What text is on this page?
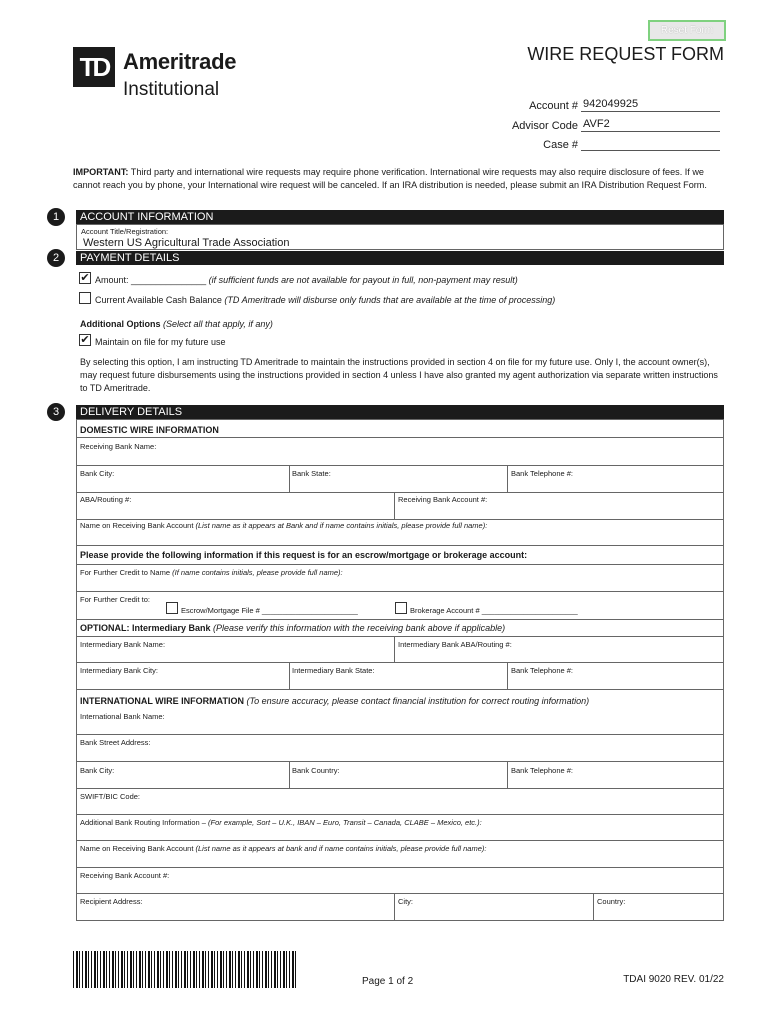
Reset Form
TD Ameritrade
Institutional
WIRE REQUEST FORM
Account # 942049925
Advisor Code AVF2
Case #
IMPORTANT: Third party and international wire requests may require phone verification. International wire requests may also require disclosure of fees. If we cannot reach you by phone, your International wire request will be canceled. If an IRA distribution is needed, please submit an IRA Distribution Request Form.
1	ACCOUNT INFORMATION
Account Title/Registration:
Western US Agricultural Trade Association
2	PAYMENT DETAILS
✔ Amount: _______________ (if sufficient funds are not available for payout in full, non-payment may result)
Current Available Cash Balance (TD Ameritrade will disburse only funds that are available at the time of processing)
Additional Options (Select all that apply, if any)
✔ Maintain on file for my future use
By selecting this option, I am instructing TD Ameritrade to maintain the instructions provided in section 4 on file for my future use. Only I, the account owner(s), may request future disbursements using the instructions provided in section 4 unless I have also granted my agent authorization via separate written instructions to TD Ameritrade.
3	DELIVERY DETAILS
DOMESTIC WIRE INFORMATION
Receiving Bank Name:
Bank City:	Bank State:	Bank Telephone #:
ABA/Routing #:	Receiving Bank Account #:
Name on Receiving Bank Account (List name as it appears at Bank and if name contains initials, please provide full name):
Please provide the following information if this request is for an escrow/mortgage or brokerage account:
For Further Credit to Name (If name contains initials, please provide full name):
For Further Credit to:
Escrow/Mortgage File # _______________________	Brokerage Account # _______________________
OPTIONAL: Intermediary Bank (Please verify this information with the receiving bank above if applicable)
Intermediary Bank Name:	Intermediary Bank ABA/Routing #:
Intermediary Bank City:	Intermediary Bank State:	Bank Telephone #:
INTERNATIONAL WIRE INFORMATION (To ensure accuracy, please contact financial institution for correct routing information)
International Bank Name:
Bank Street Address:
Bank City:	Bank Country:	Bank Telephone #:
SWIFT/BIC Code:
Additional Bank Routing Information – (For example, Sort – U.K., IBAN – Euro, Transit – Canada, CLABE – Mexico, etc.):
Name on Receiving Bank Account (List name as it appears at bank and if name contains initials, please provide full name):
Receiving Bank Account #:
Recipient Address:	City:	Country:
Page 1 of 2	TDAI 9020 REV. 01/22
